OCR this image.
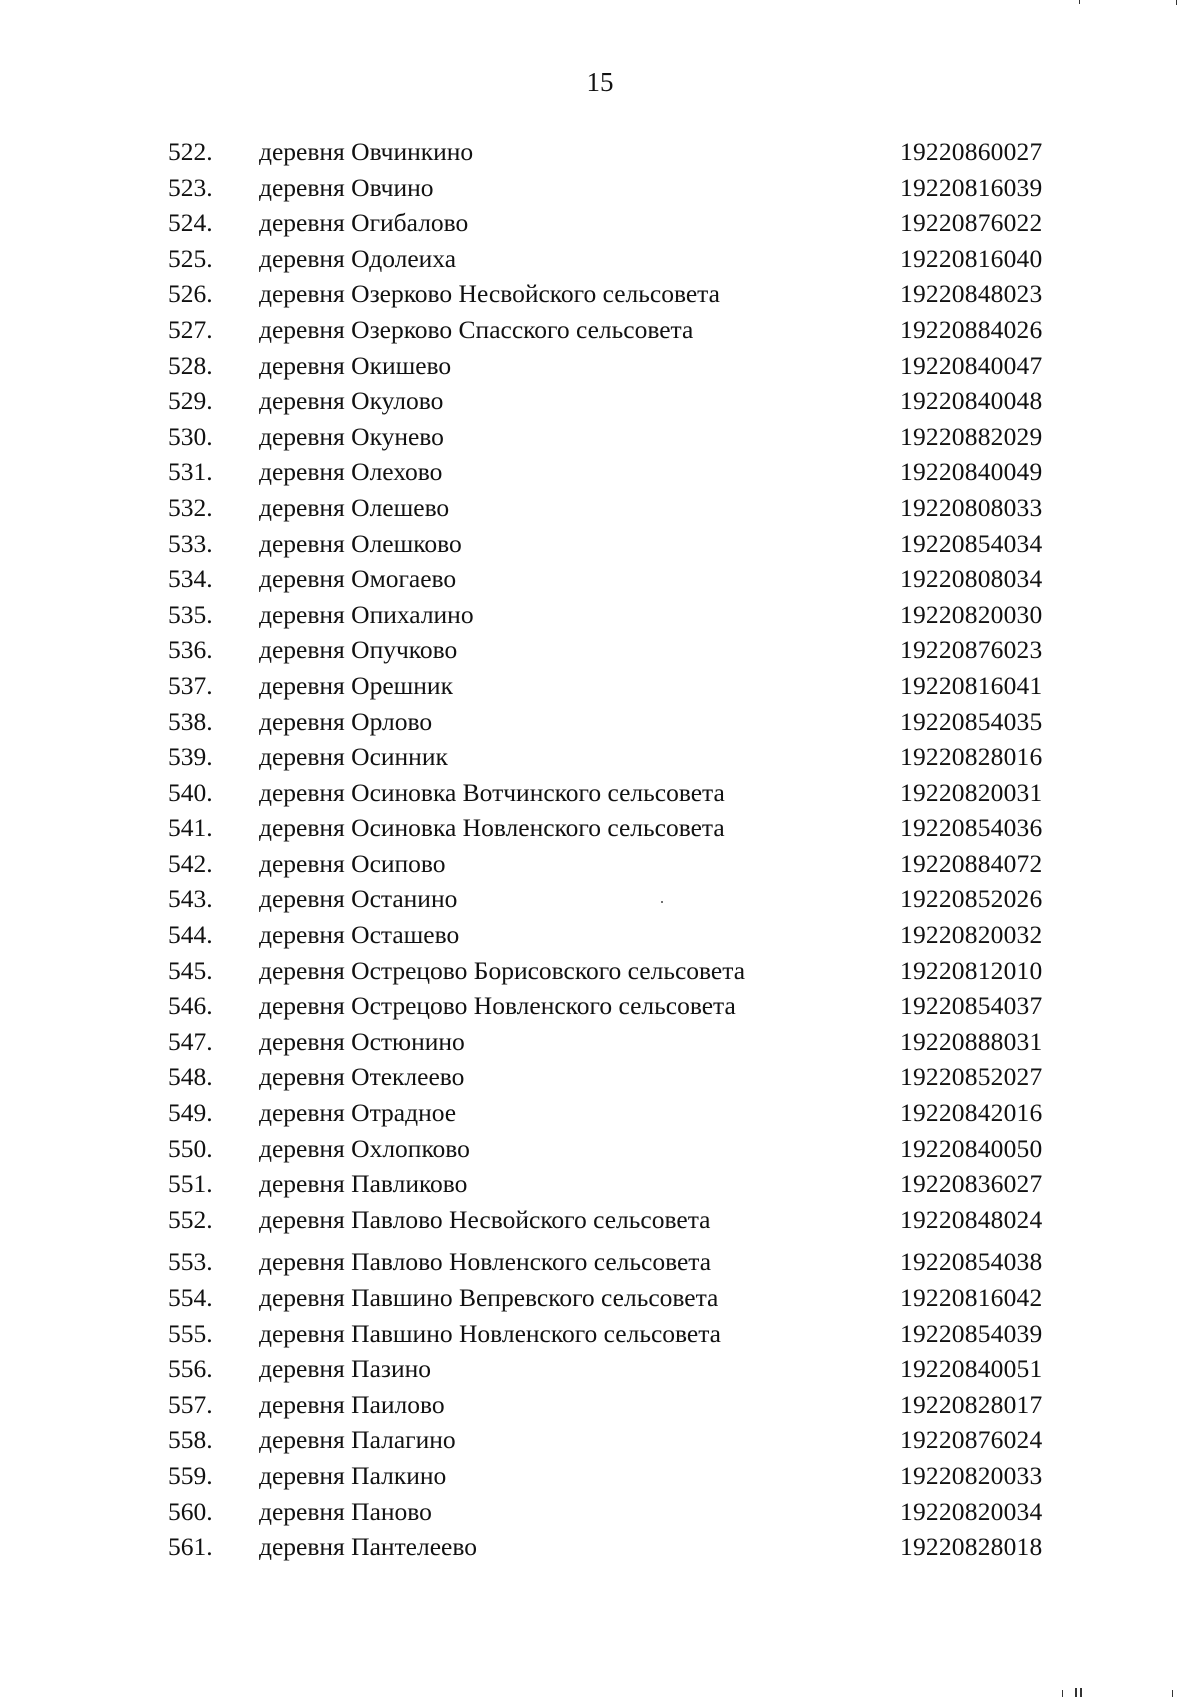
15
522. деревня Овчинкино	19220860027
523. деревня Овчино	19220816039
524. деревня Огибалово	19220876022
525. деревня Одолеиха	19220816040
526. деревня Озерково Несвойского сельсовета	19220848023
527. деревня Озерково Спасского сельсовета	19220884026
528. деревня Окишево	19220840047
529. деревня Окулово	19220840048
530. деревня Окунево	19220882029
531. деревня Олехово	19220840049
532. деревня Олешево	19220808033
533. деревня Олешково	19220854034
534. деревня Омогаево	19220808034
535. деревня Опихалино	19220820030
536. деревня Опучково	19220876023
537. деревня Орешник	19220816041
538. деревня Орлово	19220854035
539. деревня Осинник	19220828016
540. деревня Осиновка Вотчинского сельсовета	19220820031
541. деревня Осиновка Новленского сельсовета	19220854036
542. деревня Осипово	19220884072
543. деревня Останино	19220852026
544. деревня Осташево	19220820032
545. деревня Острецово Борисовского сельсовета	19220812010
546. деревня Острецово Новленского сельсовета	19220854037
547. деревня Остюнино	19220888031
548. деревня Отеклеево	19220852027
549. деревня Отрадное	19220842016
550. деревня Охлопково	19220840050
551. деревня Павликово	19220836027
552. деревня Павлово Несвойского сельсовета	19220848024
553. деревня Павлово Новленского сельсовета	19220854038
554. деревня Павшино Вепревского сельсовета	19220816042
555. деревня Павшино Новленского сельсовета	19220854039
556. деревня Пазино	19220840051
557. деревня Паилово	19220828017
558. деревня Палагино	19220876024
559. деревня Палкино	19220820033
560. деревня Паново	19220820034
561. деревня Пантелеево	19220828018
